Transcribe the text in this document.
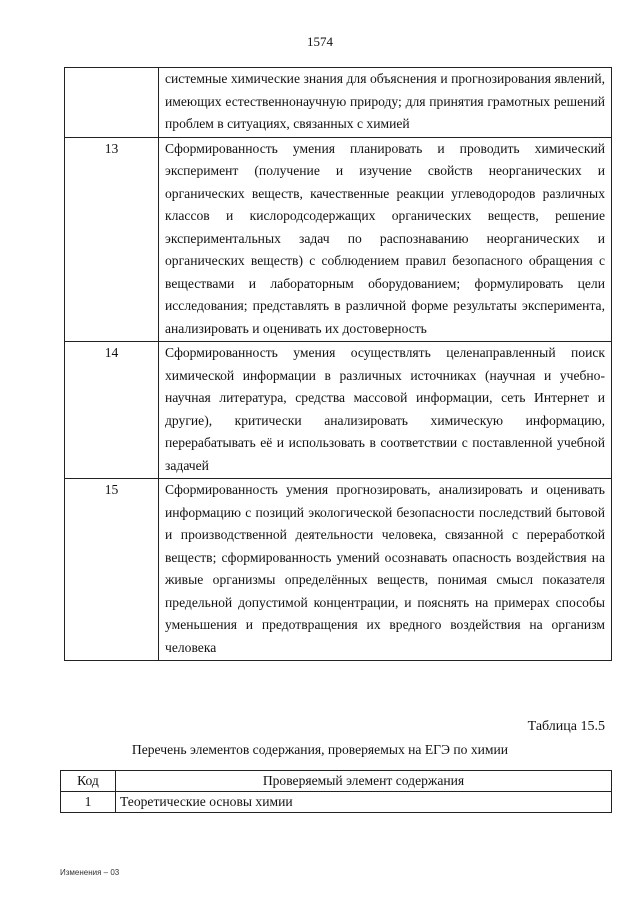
1574
	системные химические знания для объяснения и прогнозирования явлений, имеющих естественнонаучную природу; для принятия грамотных решений проблем в ситуациях, связанных с химией
13	Сформированность умения планировать и проводить химический эксперимент (получение и изучение свойств неорганических и органических веществ, качественные реакции углеводородов различных классов и кислородсодержащих органических веществ, решение экспериментальных задач по распознаванию неорганических и органических веществ) с соблюдением правил безопасного обращения с веществами и лабораторным оборудованием; формулировать цели исследования; представлять в различной форме результаты эксперимента, анализировать и оценивать их достоверность
14	Сформированность умения осуществлять целенаправленный поиск химической информации в различных источниках (научная и учебно-научная литература, средства массовой информации, сеть Интернет и другие), критически анализировать химическую информацию, перерабатывать её и использовать в соответствии с поставленной учебной задачей
15	Сформированность умения прогнозировать, анализировать и оценивать информацию с позиций экологической безопасности последствий бытовой и производственной деятельности человека, связанной с переработкой веществ; сформированность умений осознавать опасность воздействия на живые организмы определённых веществ, понимая смысл показателя предельной допустимой концентрации, и пояснять на примерах способы уменьшения и предотвращения их вредного воздействия на организм человека
Таблица 15.5
Перечень элементов содержания, проверяемых на ЕГЭ по химии
Код	Проверяемый элемент содержания
1	Теоретические основы химии
Изменения – 03
